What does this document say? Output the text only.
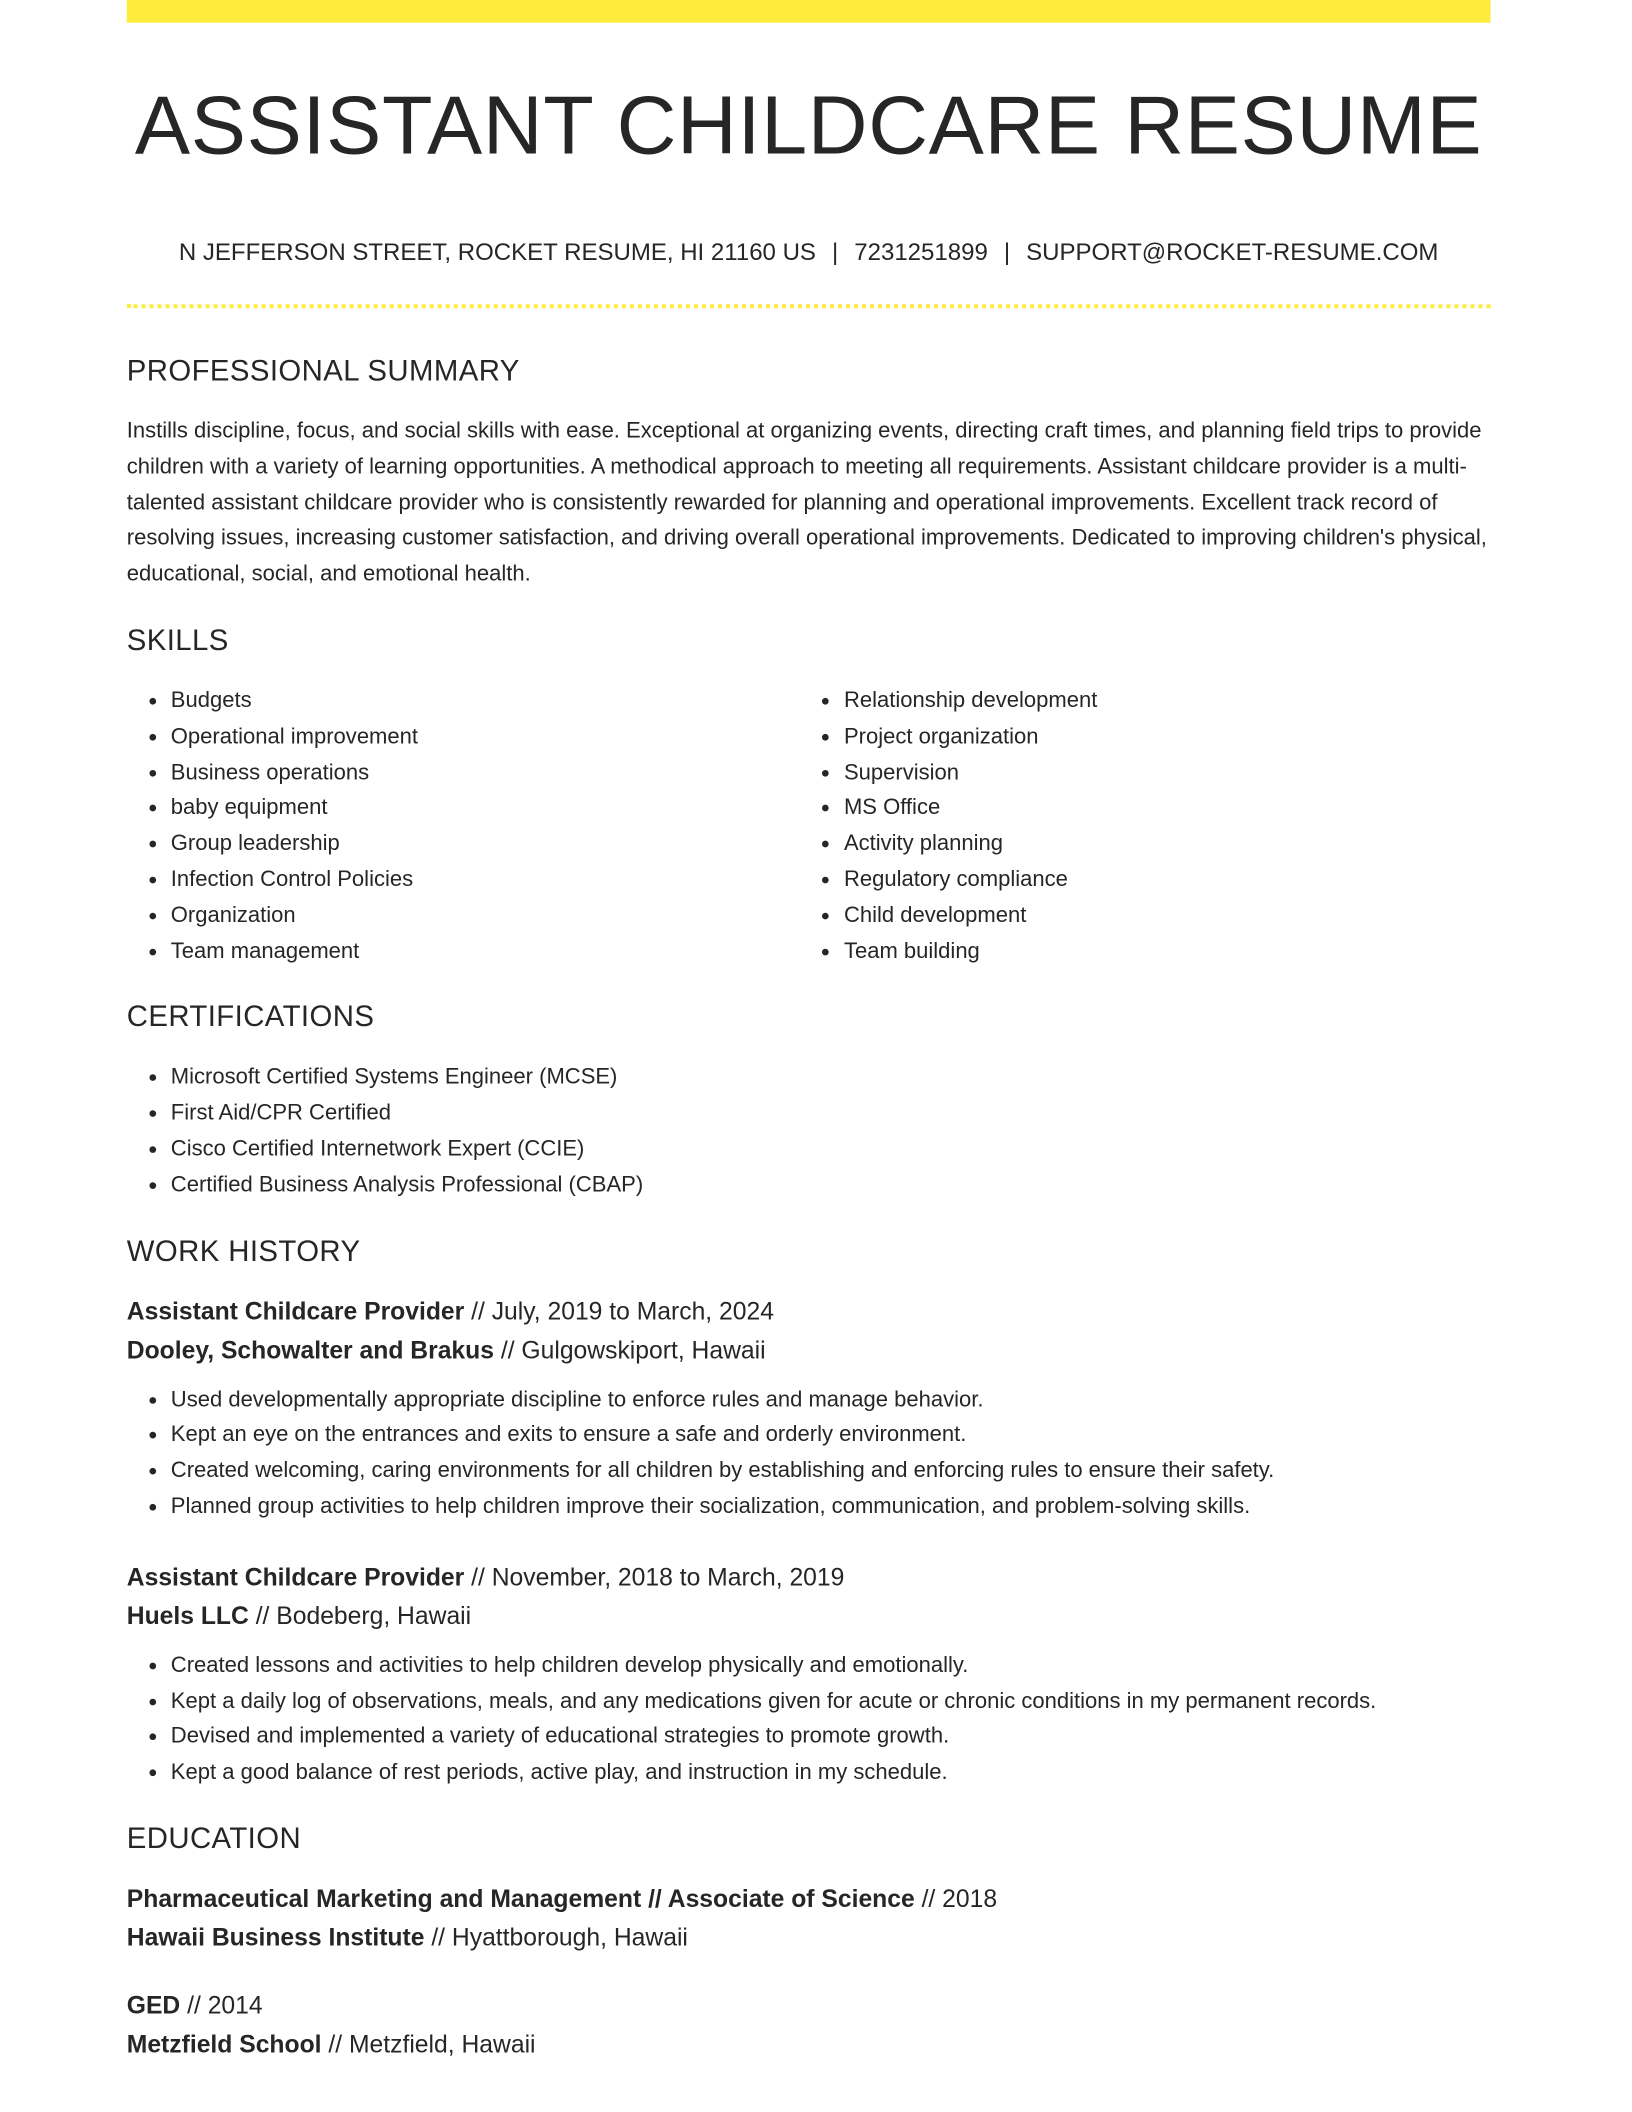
ASSISTANT CHILDCARE RESUME
N JEFFERSON STREET, ROCKET RESUME, HI 21160 US | 7231251899 | SUPPORT@ROCKET-RESUME.COM
PROFESSIONAL SUMMARY

Instills discipline, focus, and social skills with ease. Exceptional at organizing events, directing craft times, and planning field trips to provide children with a variety of learning opportunities. A methodical approach to meeting all requirements. Assistant childcare provider is a multi-talented assistant childcare provider who is consistently rewarded for planning and operational improvements. Excellent track record of resolving issues, increasing customer satisfaction, and driving overall operational improvements. Dedicated to improving children's physical, educational, social, and emotional health.

SKILLS
• Budgets
• Operational improvement
• Business operations
• baby equipment
• Group leadership
• Infection Control Policies
• Organization
• Team management
• Relationship development
• Project organization
• Supervision
• MS Office
• Activity planning
• Regulatory compliance
• Child development
• Team building
CERTIFICATIONS
• Microsoft Certified Systems Engineer (MCSE)
• First Aid/CPR Certified
• Cisco Certified Internetwork Expert (CCIE)
• Certified Business Analysis Professional (CBAP)
WORK HISTORY
Assistant Childcare Provider // July, 2019 to March, 2024
Dooley, Schowalter and Brakus // Gulgowskiport, Hawaii
• Used developmentally appropriate discipline to enforce rules and manage behavior.
• Kept an eye on the entrances and exits to ensure a safe and orderly environment.
• Created welcoming, caring environments for all children by establishing and enforcing rules to ensure their safety.
• Planned group activities to help children improve their socialization, communication, and problem-solving skills.
Assistant Childcare Provider // November, 2018 to March, 2019
Huels LLC // Bodeberg, Hawaii
• Created lessons and activities to help children develop physically and emotionally.
• Kept a daily log of observations, meals, and any medications given for acute or chronic conditions in my permanent records.
• Devised and implemented a variety of educational strategies to promote growth.
• Kept a good balance of rest periods, active play, and instruction in my schedule.
EDUCATION
Pharmaceutical Marketing and Management // Associate of Science // 2018
Hawaii Business Institute // Hyattborough, Hawaii
GED // 2014
Metzfield School // Metzfield, Hawaii
